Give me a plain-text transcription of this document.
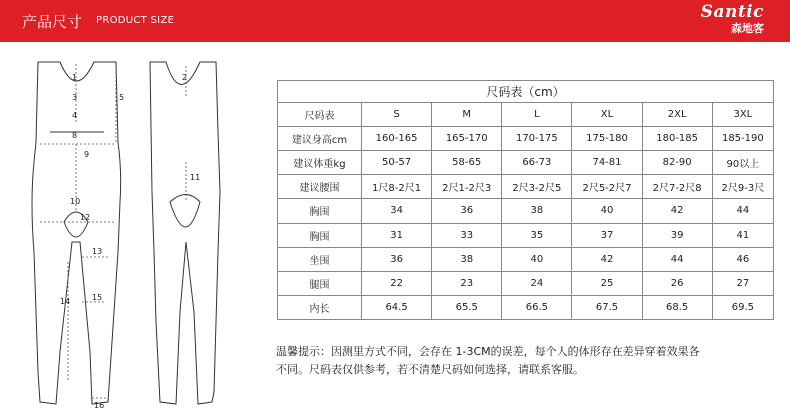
产品尺寸 PRODUCT SIZE	Santic
森地客
1	2
3
4
5
8
9
10
11
12
13
14	15
16
尺码表（cm）						
尺码表	S	M	L	XL	2XL	3XL
建议身高cm	160-165	165-170	170-175	175-180	180-185	185-190
建议体重kg	50-57	58-65	66-73	74-81	82-90	90以上
建议腰围	1尺8-2尺1	2尺1-2尺3	2尺3-2尺5	2尺5-2尺7	2尺7-2尺8	2尺9-3尺
胸围	34	36	38	40	42	44
胸围	31	33	35	37	39	41
坐围	36	38	40	42	44	46
腿围	22	23	24	25	26	27
内长	64.5	65.5	66.5	67.5	68.5	69.5
温馨提示：因测里方式不同，会存在 1-3CM的误差，每个人的体形存在差异穿着效果各
不同。尺码表仅供参考，若不清楚尺码如何选择，请联系客服。
